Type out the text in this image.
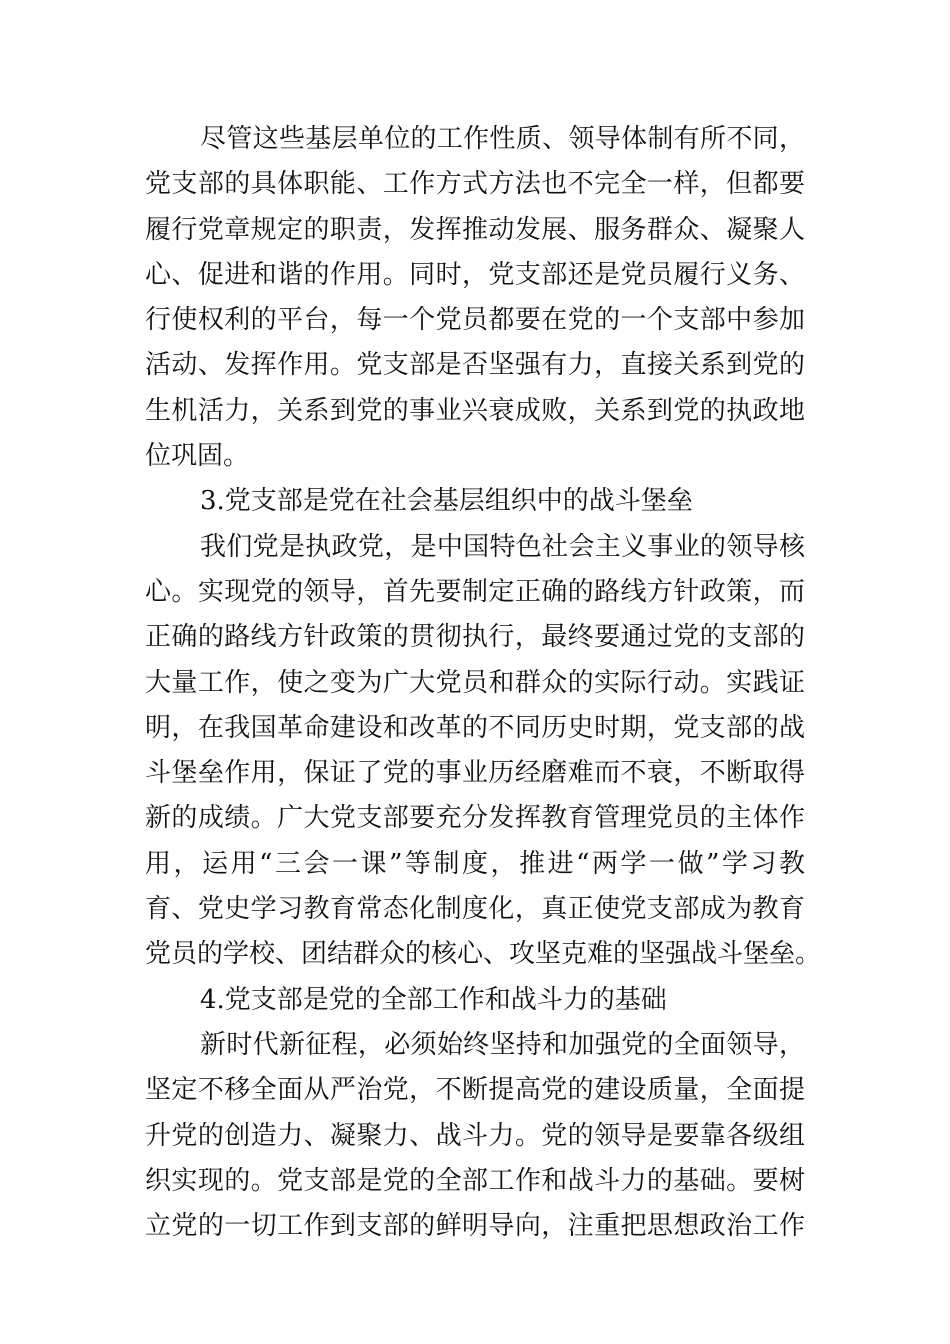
尽管这些基层单位的工作性质、领导体制有所不同，
党支部的具体职能、工作方式方法也不完全一样，但都要
履行党章规定的职责，发挥推动发展、服务群众、凝聚人
心、促进和谐的作用。同时，党支部还是党员履行义务、
行使权利的平台，每一个党员都要在党的一个支部中参加
活动、发挥作用。党支部是否坚强有力，直接关系到党的
生机活力，关系到党的事业兴衰成败，关系到党的执政地
位巩固。
3.党支部是党在社会基层组织中的战斗堡垒
我们党是执政党，是中国特色社会主义事业的领导核
心。实现党的领导，首先要制定正确的路线方针政策，而
正确的路线方针政策的贯彻执行，最终要通过党的支部的
大量工作，使之变为广大党员和群众的实际行动。实践证
明，在我国革命建设和改革的不同历史时期，党支部的战
斗堡垒作用，保证了党的事业历经磨难而不衰，不断取得
新的成绩。广大党支部要充分发挥教育管理党员的主体作
用，运用“三会一课”等制度，推进“两学一做”学习教
育、党史学习教育常态化制度化，真正使党支部成为教育
党员的学校、团结群众的核心、攻坚克难的坚强战斗堡垒。
4.党支部是党的全部工作和战斗力的基础
新时代新征程，必须始终坚持和加强党的全面领导，
坚定不移全面从严治党，不断提高党的建设质量，全面提
升党的创造力、凝聚力、战斗力。党的领导是要靠各级组
织实现的。党支部是党的全部工作和战斗力的基础。要树
立党的一切工作到支部的鲜明导向，注重把思想政治工作
